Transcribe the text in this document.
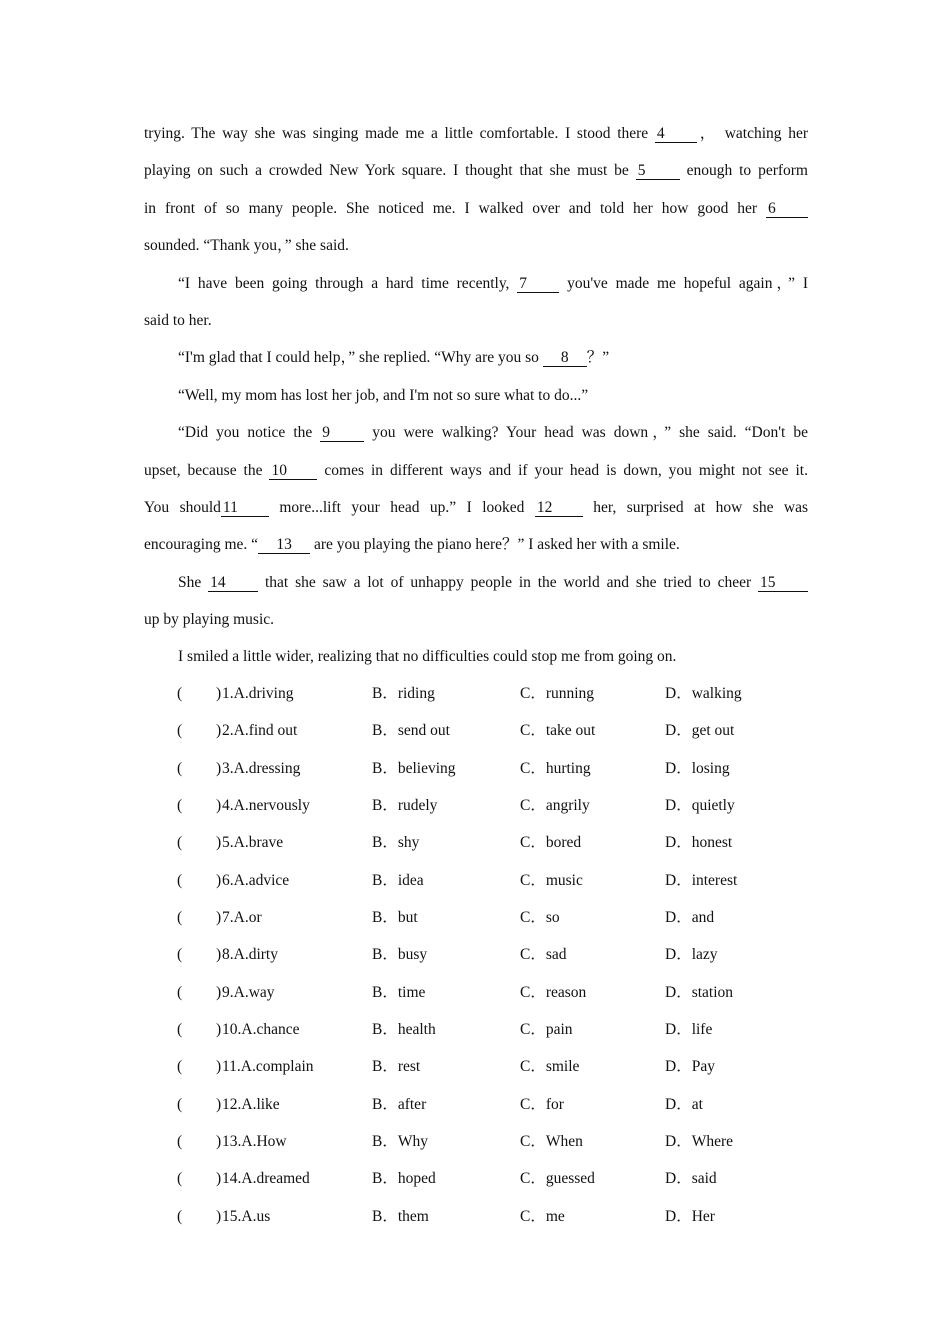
trying. The way she was singing made me a little comfortable. I stood there 4 ， watching her
playing on such a crowded New York square. I thought that she must be 5 enough to perform
in front of so many people. She noticed me. I walked over and told her how good her 6
sounded. “Thank you，” she said.
“I have been going through a hard time recently, 7 you've made me hopeful again，” I
said to her.
“I'm glad that I could help，” she replied. “Why are you so 8 ？”
“Well, my mom has lost her job, and I'm not so sure what to do...”
“Did you notice the 9 you were walking? Your head was down，” she said. “Don't be
upset, because the 10 comes in different ways and if your head is down, you might not see it.
You should 11 more...lift your head up.” I looked 12 her, surprised at how she was
encouraging me. “ 13 are you playing the piano here？” I asked her with a smile.
She 14 that she saw a lot of unhappy people in the world and she tried to cheer 15
up by playing music.
I smiled a little wider, realizing that no difficulties could stop me from going on.
( ) 1.A.driving	B．riding	C．running	D．walking
( ) 2.A.find out	B．send out	C．take out	D．get out
( ) 3.A.dressing	B．believing	C．hurting	D．losing
( ) 4.A.nervously	B．rudely	C．angrily	D．quietly
( ) 5.A.brave	B．shy	C．bored	D．honest
( ) 6.A.advice	B．idea	C．music	D．interest
( ) 7.A.or	B．but	C．so	D．and
( ) 8.A.dirty	B．busy	C．sad	D．lazy
( ) 9.A.way	B．time	C．reason	D．station
( ) 10.A.chance	B．health	C．pain	D．life
( ) 11.A.complain	B．rest	C．smile	D．Pay
( ) 12.A.like	B．after	C．for	D．at
( ) 13.A.How	B．Why	C．When	D．Where
( ) 14.A.dreamed	B．hoped	C．guessed	D．said
( ) 15.A.us	B．them	C．me	D．Her
